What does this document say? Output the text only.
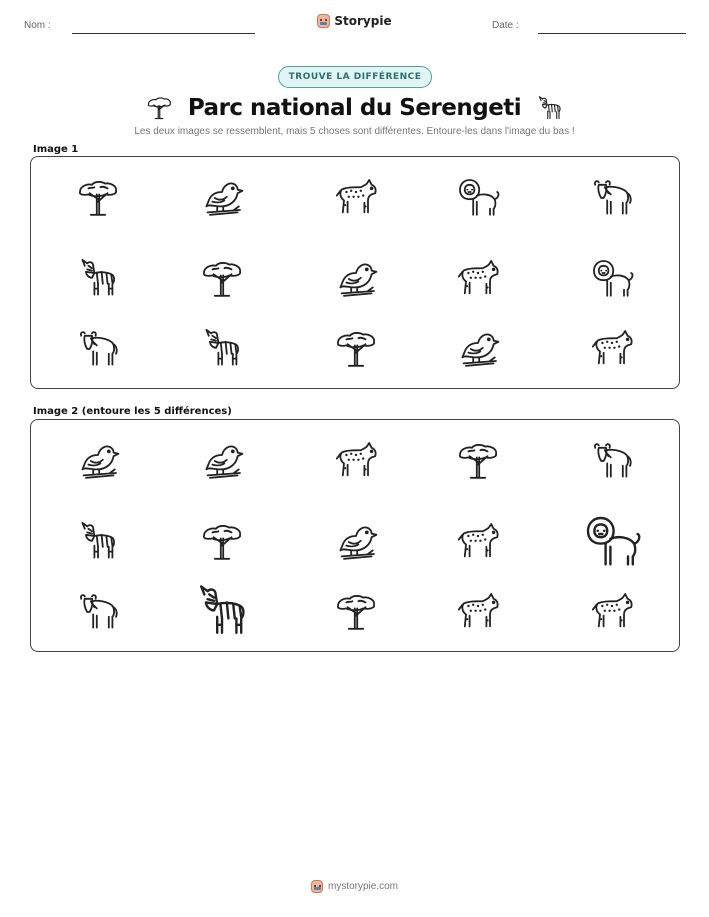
Nom :	Storypie	Date :
TROUVE LA DIFFÉRENCE
Parc national du Serengeti
Les deux images se ressemblent, mais 5 choses sont différentes. Entoure-les dans l'image du bas !
Image 1
Image 2 (entoure les 5 différences)
mystorypie.com
